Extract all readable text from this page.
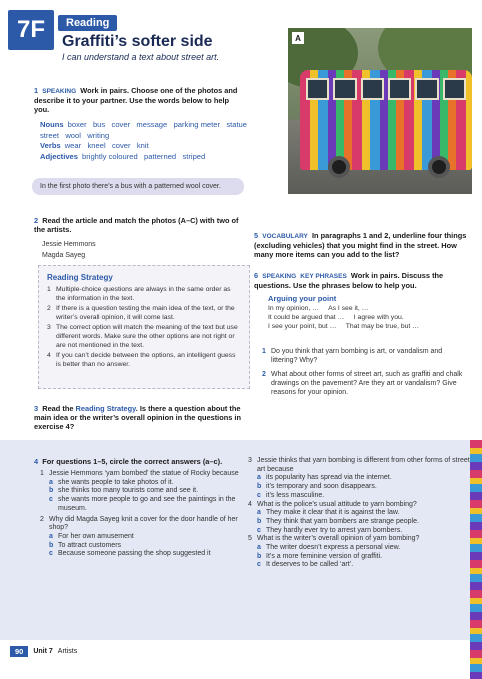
7F	Reading
Graffiti’s softer side
I can understand a text about street art.
A
1 SPEAKING Work in pairs. Choose one of the photos and describe it to your partner. Use the words below to help you.
Nouns boxer   bus   cover   message   parking meter   statue   street   wool   writing
Verbs wear   kneel   cover   knit
Adjectives brightly coloured   patterned   striped
In the first photo there’s a bus with a patterned wool cover.
2 Read the article and match the photos (A–C) with two of the artists.
Jessie Hemmons
Magda Sayeg
Reading Strategy
1 Multiple-choice questions are always in the same order as the information in the text.
2 If there is a question testing the main idea of the text, or the writer’s overall opinion, it will come last.
3 The correct option will match the meaning of the text but use different words. Make sure the other options are not right or are not mentioned in the text.
4 If you can’t decide between the options, an intelligent guess is better than no answer.
3 Read the Reading Strategy. Is there a question about the main idea or the writer’s overall opinion in the questions in exercise 4?
5 VOCABULARY In paragraphs 1 and 2, underline four things (excluding vehicles) that you might find in the street. How many more items can you add to the list?
6 SPEAKING KEY PHRASES Work in pairs. Discuss the questions. Use the phrases below to help you.
Arguing your point
In my opinion, …     As I see it, …
It could be argued that …     I agree with you.
I see your point, but …     That may be true, but …
1 Do you think that yarn bombing is art, or vandalism and littering? Why?
2 What about other forms of street art, such as graffiti and chalk drawings on the pavement? Are they art or vandalism? Give reasons for your opinion.
4 For questions 1–5, circle the correct answers (a–c).
1 Jessie Hemmons ‘yarn bombed’ the statue of Rocky because
a she wants people to take photos of it.
b she thinks too many tourists come and see it.
c she wants more people to go and see the paintings in the museum.
2 Why did Magda Sayeg knit a cover for the door handle of her shop?
a For her own amusement
b To attract customers
c Because someone passing the shop suggested it
3 Jessie thinks that yarn bombing is different from other forms of street art because
a its popularity has spread via the internet.
b it’s temporary and soon disappears.
c it’s less masculine.
4 What is the police’s usual attitude to yarn bombing?
a They make it clear that it is against the law.
b They think that yarn bombers are strange people.
c They hardly ever try to arrest yarn bombers.
5 What is the writer’s overall opinion of yarn bombing?
a The writer doesn’t express a personal view.
b It’s a more feminine version of graffiti.
c It deserves to be called ‘art’.
90	Unit 7 Artists
